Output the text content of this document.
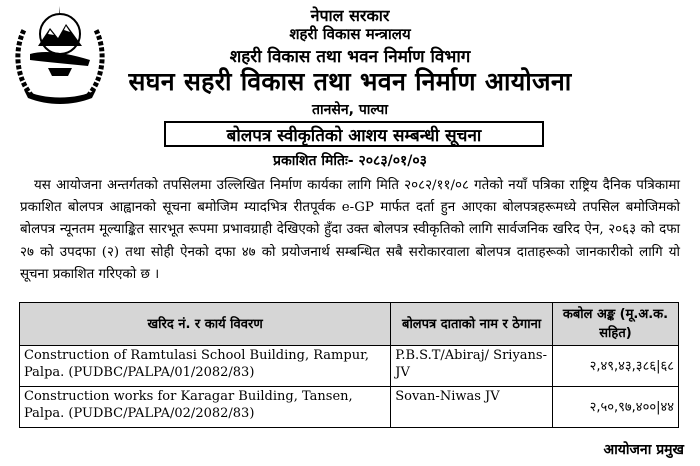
नेपाल सरकार
शहरी विकास मन्त्रालय
शहरी विकास तथा भवन निर्माण विभाग
सघन सहरी विकास तथा भवन निर्माण आयोजना
तानसेन, पाल्पा
बोलपत्र स्वीकृतिको आशय सम्बन्धी सूचना
प्रकाशित मितिः- २०८३/०१/०३
यस आयोजना अन्तर्गतको तपसिलमा उल्लिखित निर्माण कार्यका लागि मिति २०८२/११/०८ गतेको नयाँ पत्रिका राष्ट्रिय दैनिक पत्रिकामा प्रकाशित बोलपत्र आह्वानको सूचना बमोजिम म्यादभित्र रीतपूर्वक e-GP मार्फत दर्ता हुन आएका बोलपत्रहरूमध्ये तपसिल बमोजिमको बोलपत्र न्यूनतम मूल्याङ्कित सारभूत रूपमा प्रभावग्राही देखिएको हुँदा उक्त बोलपत्र स्वीकृतिको लागि सार्वजनिक खरिद ऐन, २०६३ को दफा २७ को उपदफा (२) तथा सोही ऐनको दफा ४७ को प्रयोजनार्थ सम्बन्धित सबै सरोकारवाला बोलपत्र दाताहरूको जानकारीको लागि यो सूचना प्रकाशित गरिएको छ ।
खरिद नं. र कार्य विवरण	बोलपत्र दाताको नाम र ठेगाना	कबोल अङ्क (मू.अ.क. सहित)
Construction of Ramtulasi School Building, Rampur, Palpa. (PUDBC/PALPA/01/2082/83)	P.B.S.T/Abiraj/ Sriyans-JV	२,४९,४३,३८६|६८
Construction works for Karagar Building, Tansen, Palpa. (PUDBC/PALPA/02/2082/83)	Sovan-Niwas JV	२,५०,९७,४००|४४
आयोजना प्रमुख
